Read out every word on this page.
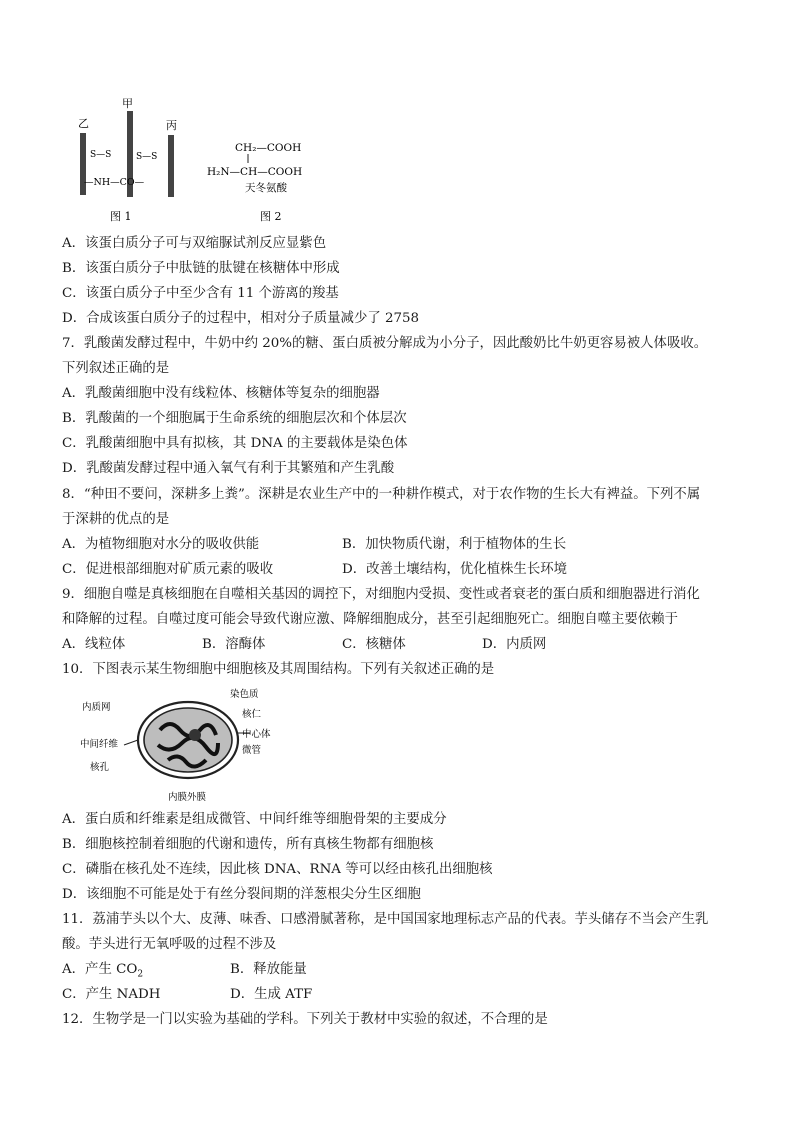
乙
甲
丙
S—S	S—S
—NH—CO—
图 1
CH₂—COOH
H₂N—CH—COOH
天冬氨酸
图 2
A．该蛋白质分子可与双缩脲试剂反应显紫色
B．该蛋白质分子中肽链的肽键在核糖体中形成
C．该蛋白质分子中至少含有 11 个游离的羧基
D．合成该蛋白质分子的过程中，相对分子质量减少了 2758
7．乳酸菌发酵过程中，牛奶中约 20%的糖、蛋白质被分解成为小分子，因此酸奶比牛奶更容易被人体吸收。
下列叙述正确的是
A．乳酸菌细胞中没有线粒体、核糖体等复杂的细胞器
B．乳酸菌的一个细胞属于生命系统的细胞层次和个体层次
C．乳酸菌细胞中具有拟核，其 DNA 的主要载体是染色体
D．乳酸菌发酵过程中通入氧气有利于其繁殖和产生乳酸
8．“种田不要问，深耕多上粪”。深耕是农业生产中的一种耕作模式，对于农作物的生长大有裨益。下列不属
于深耕的优点的是
A．为植物细胞对水分的吸收供能	B．加快物质代谢，利于植物体的生长
C．促进根部细胞对矿质元素的吸收	D．改善土壤结构，优化植株生长环境
9．细胞自噬是真核细胞在自噬相关基因的调控下，对细胞内受损、变性或者衰老的蛋白质和细胞器进行消化
和降解的过程。自噬过度可能会导致代谢应激、降解细胞成分，甚至引起细胞死亡。细胞自噬主要依赖于
A．线粒体	B．溶酶体	C．核糖体	D．内质网
10．下图表示某生物细胞中细胞核及其周围结构。下列有关叙述正确的是
染色质
内质网
核仁
中间纤维
中心体
微管
核孔
内膜外膜
A．蛋白质和纤维素是组成微管、中间纤维等细胞骨架的主要成分
B．细胞核控制着细胞的代谢和遗传，所有真核生物都有细胞核
C．磷脂在核孔处不连续，因此核 DNA、RNA 等可以经由核孔出细胞核
D．该细胞不可能是处于有丝分裂间期的洋葱根尖分生区细胞
11．荔浦芋头以个大、皮薄、味香、口感滑腻著称，是中国国家地理标志产品的代表。芋头储存不当会产生乳
酸。芋头进行无氧呼吸的过程不涉及
A．产生 $CO_2$	B．释放能量
C．产生 NADH	D．生成 ATF
12．生物学是一门以实验为基础的学科。下列关于教材中实验的叙述，不合理的是
